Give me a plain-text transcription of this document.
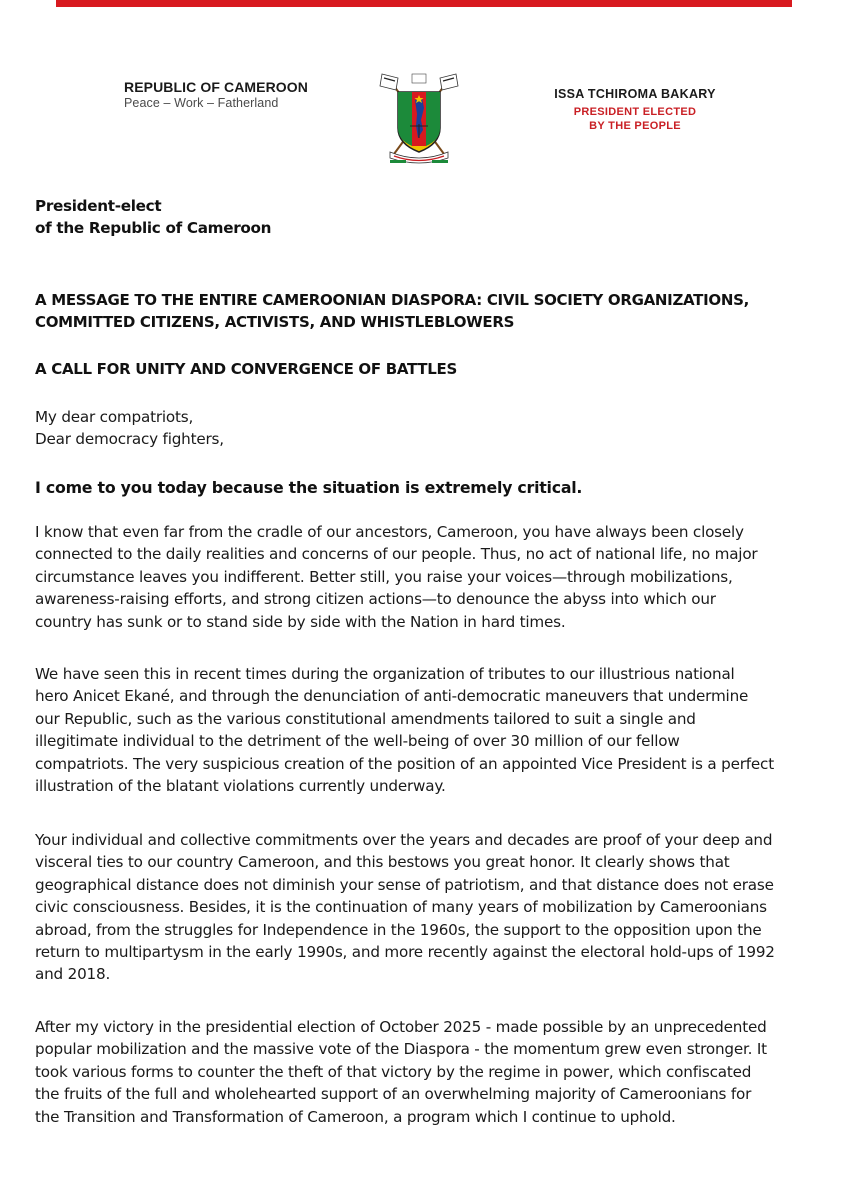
REPUBLIC OF CAMEROON
Peace – Work – Fatherland
ISSA TCHIROMA BAKARY
PRESIDENT ELECTED
BY THE PEOPLE

President-elect

of the Republic of Cameroon

A MESSAGE TO THE ENTIRE CAMEROONIAN DIASPORA: CIVIL SOCIETY ORGANIZATIONS,

COMMITTED CITIZENS, ACTIVISTS, AND WHISTLEBLOWERS

A CALL FOR UNITY AND CONVERGENCE OF BATTLES

My dear compatriots,

Dear democracy fighters,

I come to you today because the situation is extremely critical.

I know that even far from the cradle of our ancestors, Cameroon, you have always been closely

connected to the daily realities and concerns of our people. Thus, no act of national life, no major

circumstance leaves you indifferent. Better still, you raise your voices—through mobilizations,

awareness-raising efforts, and strong citizen actions—to denounce the abyss into which our

country has sunk or to stand side by side with the Nation in hard times.

We have seen this in recent times during the organization of tributes to our illustrious national

hero Anicet Ekané, and through the denunciation of anti-democratic maneuvers that undermine

our Republic, such as the various constitutional amendments tailored to suit a single and

illegitimate individual to the detriment of the well-being of over 30 million of our fellow

compatriots. The very suspicious creation of the position of an appointed Vice President is a perfect

illustration of the blatant violations currently underway.

Your individual and collective commitments over the years and decades are proof of your deep and

visceral ties to our country Cameroon, and this bestows you great honor. It clearly shows that

geographical distance does not diminish your sense of patriotism, and that distance does not erase

civic consciousness. Besides, it is the continuation of many years of mobilization by Cameroonians

abroad, from the struggles for Independence in the 1960s, the support to the opposition upon the

return to multipartysm in the early 1990s, and more recently against the electoral hold-ups of 1992

and 2018.

After my victory in the presidential election of October 2025 - made possible by an unprecedented

popular mobilization and the massive vote of the Diaspora - the momentum grew even stronger. It

took various forms to counter the theft of that victory by the regime in power, which confiscated

the fruits of the full and wholehearted support of an overwhelming majority of Cameroonians for

the Transition and Transformation of Cameroon, a program which I continue to uphold.
